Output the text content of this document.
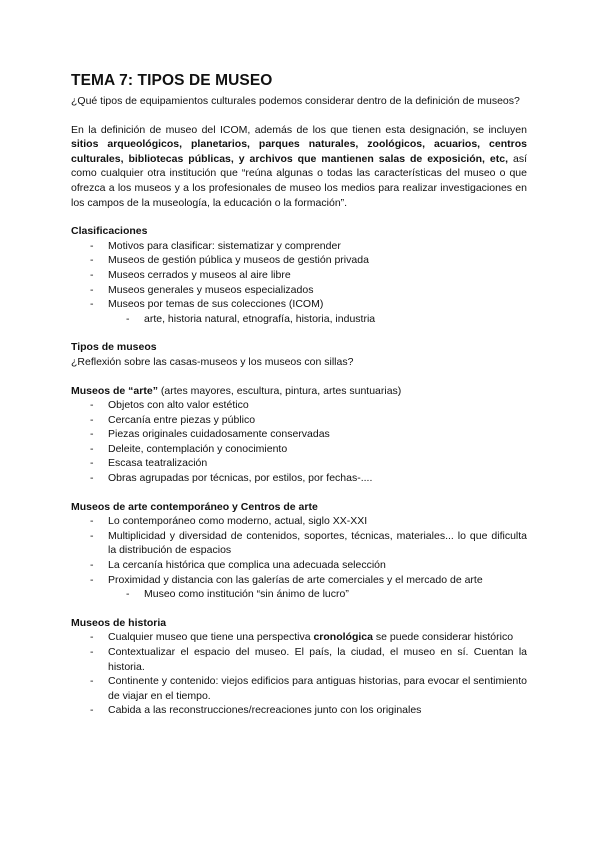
TEMA 7: TIPOS DE MUSEO

¿Qué tipos de equipamientos culturales podemos considerar dentro de la definición de museos?

En la definición de museo del ICOM, además de los que tienen esta designación, se incluyen sitios arqueológicos, planetarios, parques naturales, zoológicos, acuarios, centros culturales, bibliotecas públicas, y archivos que mantienen salas de exposición, etc, así como cualquier otra institución que “reúna algunas o todas las características del museo o que ofrezca a los museos y a los profesionales de museo los medios para realizar investigaciones en los campos de la museología, la educación o la formación”.

Clasificaciones
- Motivos para clasificar: sistematizar y comprender
- Museos de gestión pública y museos de gestión privada
- Museos cerrados y museos al aire libre
- Museos generales y museos especializados
- Museos por temas de sus colecciones (ICOM)
- arte, historia natural, etnografía, historia, industria
Tipos de museos

¿Reflexión sobre las casas-museos y los museos con sillas?

Museos de “arte” (artes mayores, escultura, pintura, artes suntuarias)

- Objetos con alto valor estético
- Cercanía entre piezas y público
- Piezas originales cuidadosamente conservadas
- Deleite, contemplación y conocimiento
- Escasa teatralización
- Obras agrupadas por técnicas, por estilos, por fechas-....
Museos de arte contemporáneo y Centros de arte
- Lo contemporáneo como moderno, actual, siglo XX-XXI
- Multiplicidad y diversidad de contenidos, soportes, técnicas, materiales... lo que dificulta la distribución de espacios
- La cercanía histórica que complica una adecuada selección
- Proximidad y distancia con las galerías de arte comerciales y el mercado de arte
- Museo como institución “sin ánimo de lucro”
Museos de historia
- Cualquier museo que tiene una perspectiva cronológica se puede considerar histórico
- Contextualizar el espacio del museo. El país, la ciudad, el museo en sí. Cuentan la historia.
- Continente y contenido: viejos edificios para antiguas historias, para evocar el sentimiento de viajar en el tiempo.
- Cabida a las reconstrucciones/recreaciones junto con los originales
